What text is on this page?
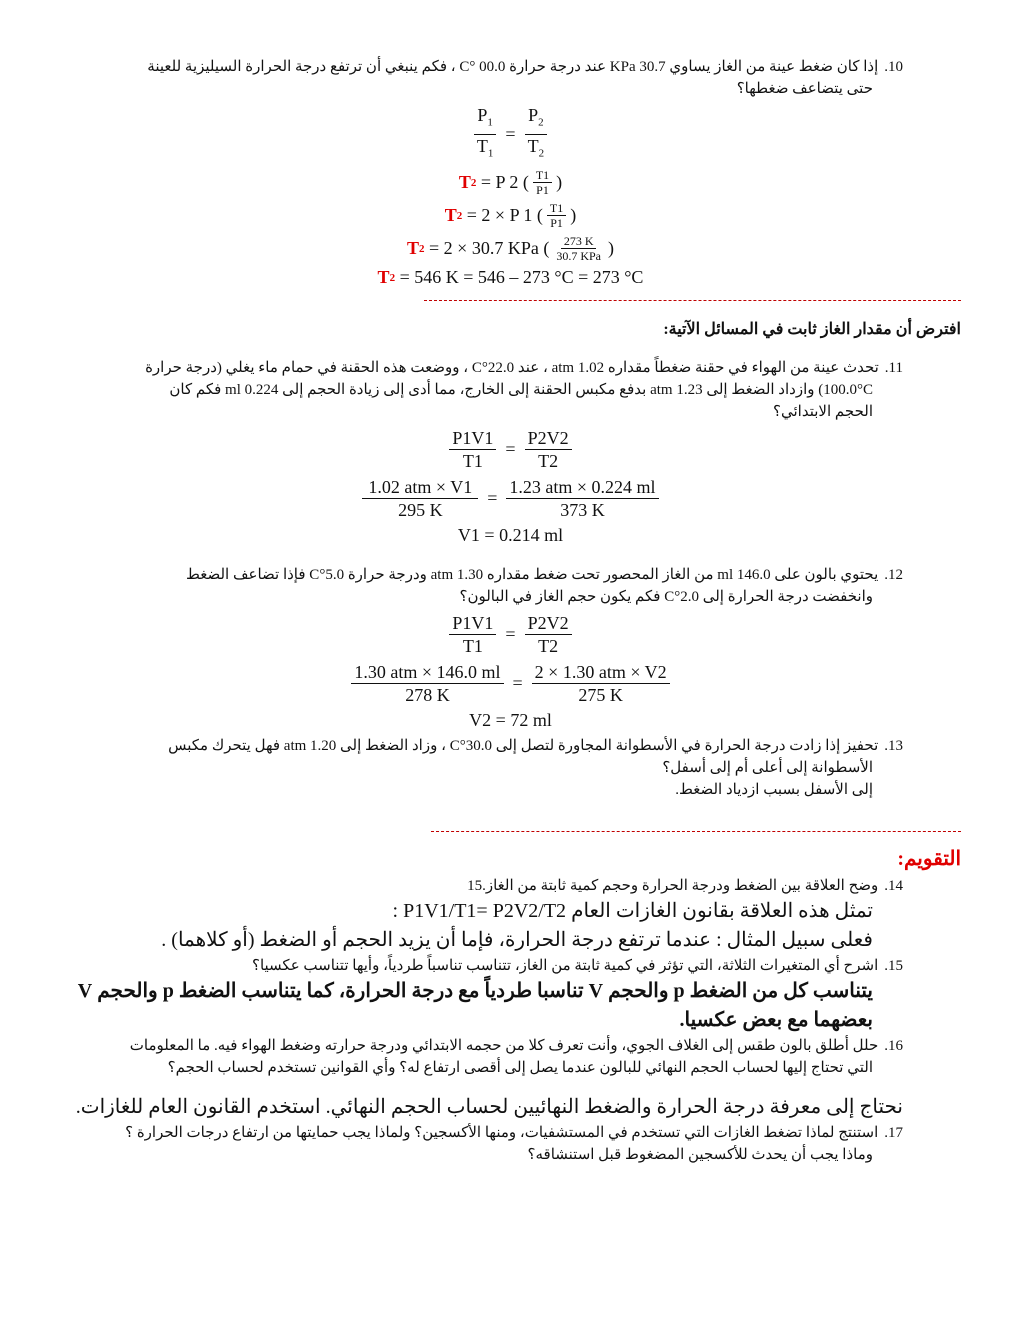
10.إذا كان ضغط عينة من الغاز يساوي 30.7 KPa عند درجة حرارة 00.0 °C ، فكم ينبغي أن ترتفع درجة الحرارة السيليزية للعينة
حتى يتضاعف ضغطها؟
$\frac{P_1}{T_1} = \frac{P_2}{T_2}$
T 2
= P 2 ( $\frac{T1}{P1}$ )
T 2
= 2 × P 1 ( $\frac{T1}{P1}$ )
T 2
= 2 × 30.7 KPa ( $\frac{273 K}{\text{30.7 KPa}}$ )
T 2
= 546 K = 546 – 273 °C = 273 °C
افترض أن مقدار الغاز ثابت في المسائل الآتية:
11.تحدث عينة من الهواء في حقنة ضغطاً مقداره 1.02 atm ، عند 22.0°C ، ووضعت هذه الحقنة في حمام ماء يغلي (درجة حرارة
100.0°C) وازداد الضغط إلى 1.23 atm بدفع مكبس الحقنة إلى الخارج، مما أدى إلى زيادة الحجم إلى 0.224 ml فكم كان
الحجم الابتدائي؟
$\frac{P1V1}{T1} = \frac{P2V2}{T2}$
$\frac{\text{1.02 atm × V1}}{295 K} = \frac{\text{1.23 atm × 0.224 ml}}{373 K}$
V1 = 0.214 ml
12.يحتوي بالون على 146.0 ml من الغاز المحصور تحت ضغط مقداره 1.30 atm ودرجة حرارة 5.0°C فإذا تضاعف الضغط
وانخفضت درجة الحرارة إلى 2.0°C فكم يكون حجم الغاز في البالون؟
$\frac{P1V1}{T1} = \frac{P2V2}{T2}$
$\frac{\text{1.30 atm × 146.0 ml}}{278 K} = \frac{\text{2 × 1.30 atm × V2}}{275 K}$
V2 = 72 ml
13.تحفيز إذا زادت درجة الحرارة في الأسطوانة المجاورة لتصل إلى 30.0°C ، وزاد الضغط إلى 1.20 atm فهل يتحرك مكبس
الأسطوانة إلى أعلى أم إلى أسفل؟
إلى الأسفل بسبب ازدياد الضغط.
التقويم:
14.وضح العلاقة بين الضغط ودرجة الحرارة وحجم كمية ثابتة من الغاز.15
تمثل هذه العلاقة بقانون الغازات العام P1V1/T1= P2V2/T2 :
فعلى سبيل المثال : عندما ترتفع درجة الحرارة، فإما أن يزيد الحجم أو الضغط (أو كلاهما) .
15.اشرح أي المتغيرات الثلاثة، التي تؤثر في كمية ثابتة من الغاز، تتناسب تناسباً طردياً، وأيها تتناسب عكسيا؟
يتناسب كل من الضغط p والحجم V تناسبا طردياً مع درجة الحرارة، كما يتناسب الضغط p والحجم V
بعضهما مع بعض عكسيا.
16.حلل أطلق بالون طقس إلى الغلاف الجوي، وأنت تعرف كلا من حجمه الابتدائي ودرجة حرارته وضغط الهواء فيه. ما المعلومات
التي تحتاج إليها لحساب الحجم النهائي للبالون عندما يصل إلى أقصى ارتفاع له؟ وأي القوانين تستخدم لحساب الحجم؟
نحتاج إلى معرفة درجة الحرارة والضغط النهائيين لحساب الحجم النهائي. استخدم القانون العام للغازات.
17.استنتج لماذا تضغط الغازات التي تستخدم في المستشفيات، ومنها الأكسجين؟ ولماذا يجب حمايتها من ارتفاع درجات الحرارة ؟
وماذا يجب أن يحدث للأكسجين المضغوط قبل استنشاقه؟
